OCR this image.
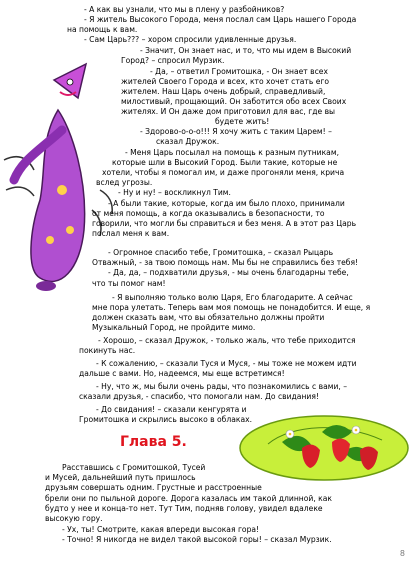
- А как вы узнали, что мы в плену у разбойников?
- Я житель Высокого Города, меня послал сам Царь нашего Города
на помощь к вам.
- Сам Царь??? – хором спросили удивленные друзья.
- Значит, Он знает нас, и то, что мы идем в Высокий
Город? – спросил Мурзик.
- Да, – ответил Громитошка, - Он знает всех
жителей Своего Города и всех, кто хочет стать его
жителем. Наш Царь очень добрый, справедливый,
милостивый, прощающий. Он заботится обо всех Своих
жителях. И Он даже дом приготовил для вас, где вы
будете жить!
- Здорово-о-о-о!!! Я хочу жить с таким Царем! –
сказал Дружок.
- Меня Царь посылал на помощь к разным путникам,
которые шли в Высокий Город. Были такие, которые не
хотели, чтобы я помогал им, и даже прогоняли меня, крича
вслед угрозы.
- Ну и ну! – воскликнул Тим.
- А были такие, которые, когда им было плохо, принимали
от меня помощь, а когда оказывались в безопасности, то
говорили, что могли бы справиться и без меня. А в этот раз Царь
послал меня к вам.
- Огромное спасибо тебе, Громитошка, – сказал Рыцарь
Отважный, - за твою помощь нам. Мы бы не справились без тебя!
- Да, да, – подхватили друзья, - мы очень благодарны тебе,
что ты помог нам!
- Я выполняю только волю Царя, Его благодарите. А сейчас
мне пора улетать. Теперь вам моя помощь не понадобится. И еще, я
должен сказать вам, что вы обязательно должны пройти
Музыкальный Город, не пройдите мимо.
- Хорошо, – сказал Дружок, - только жаль, что тебе приходится
покинуть нас.
- К сожалению, – сказали Туся и Муся, - мы тоже не можем идти
дальше с вами. Но, надеемся, мы еще встретимся!
- Ну, что ж, мы были очень рады, что познакомились с вами, –
сказали друзья, - спасибо, что помогали нам. До свидания!
- До свидания! – сказали кенгурята и
Громитошка и скрылись высоко в облаках.
Глава 5.
Расставшись с Громитошкой, Тусей
и Мусей, дальнейший путь пришлось
друзьям совершать одним. Грустные и расстроенные
брели они по пыльной дороге. Дорога казалась им такой длинной, как
будто у нее и конца-то нет. Тут Тим, подняв голову, увидел вдалеке
высокую гору.
- Ух, ты! Смотрите, какая впереди высокая гора!
- Точно! Я никогда не видел такой высокой горы! – сказал Мурзик.
8
